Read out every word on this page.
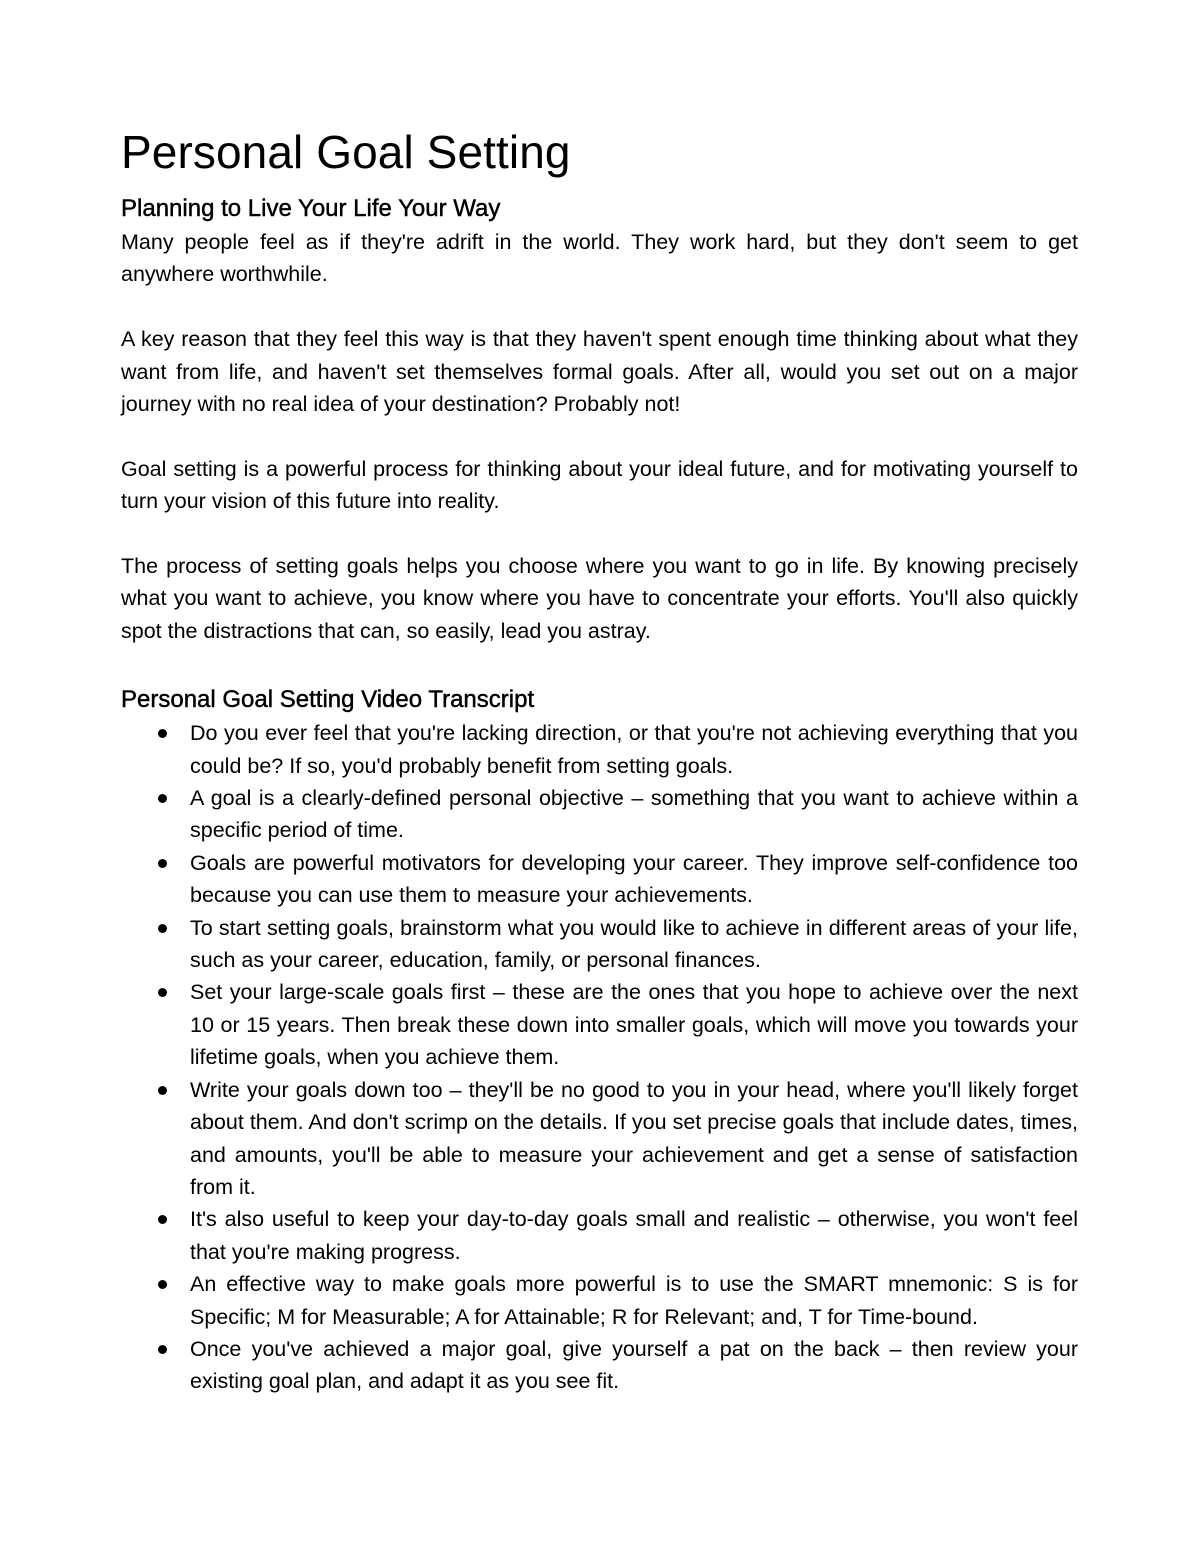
Personal Goal Setting
Planning to Live Your Life Your Way

Many people feel as if they're adrift in the world. They work hard, but they don't seem to get anywhere worthwhile.

A key reason that they feel this way is that they haven't spent enough time thinking about what they want from life, and haven't set themselves formal goals. After all, would you set out on a major journey with no real idea of your destination? Probably not!

Goal setting is a powerful process for thinking about your ideal future, and for motivating yourself to turn your vision of this future into reality.

The process of setting goals helps you choose where you want to go in life. By knowing precisely what you want to achieve, you know where you have to concentrate your efforts. You'll also quickly spot the distractions that can, so easily, lead you astray.

Personal Goal Setting Video Transcript
Do you ever feel that you're lacking direction, or that you're not achieving everything that you could be? If so, you'd probably benefit from setting goals.
A goal is a clearly-defined personal objective – something that you want to achieve within a specific period of time.
Goals are powerful motivators for developing your career. They improve self-confidence too because you can use them to measure your achievements.
To start setting goals, brainstorm what you would like to achieve in different areas of your life, such as your career, education, family, or personal finances.
Set your large-scale goals first – these are the ones that you hope to achieve over the next 10 or 15 years. Then break these down into smaller goals, which will move you towards your lifetime goals, when you achieve them.
Write your goals down too – they'll be no good to you in your head, where you'll likely forget about them. And don't scrimp on the details. If you set precise goals that include dates, times, and amounts, you'll be able to measure your achievement and get a sense of satisfaction from it.
It's also useful to keep your day-to-day goals small and realistic – otherwise, you won't feel that you're making progress.
An effective way to make goals more powerful is to use the SMART mnemonic: S is for Specific; M for Measurable; A for Attainable; R for Relevant; and, T for Time-bound.
Once you've achieved a major goal, give yourself a pat on the back – then review your existing goal plan, and adapt it as you see fit.
